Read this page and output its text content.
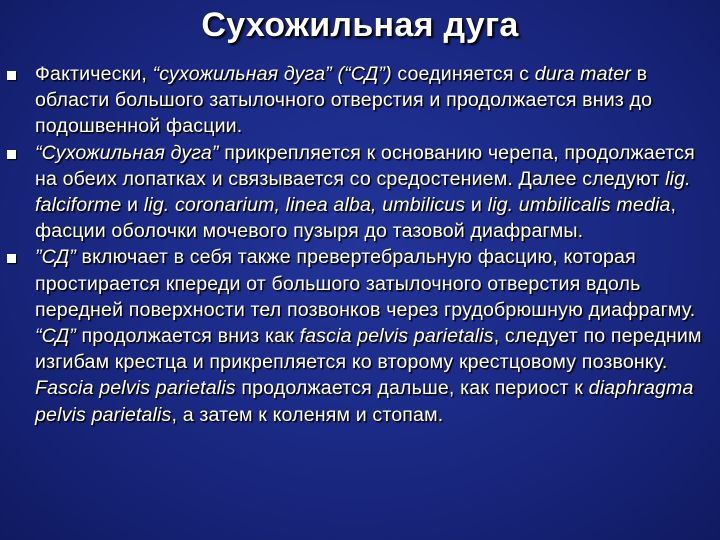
Сухожильная дуга
Фактически, “сухожильная дуга” (“СД”) соединяется с dura mater в области большого затылочного отверстия и продолжается вниз до подошвенной фасции.
“Сухожильная дуга” прикрепляется к основанию черепа, продолжается на обеих лопатках и связывается со средостением. Далее следуют lig. falciforme и lig. coronarium, linea alba, umbilicus и lig. umbilicalis media, фасции оболочки мочевого пузыря до тазовой диафрагмы.
”СД” включает в себя также превертебральную фасцию, которая простирается кпереди от большого затылочного отверстия вдоль передней поверхности тел позвонков через грудобрюшную диафрагму. “СД” продолжается вниз как fascia pelvis parietalis, следует по передним изгибам крестца и прикрепляется ко второму крестцовому позвонку. Fascia pelvis parietalis продолжается дальше, как периост к diaphragma pelvis parietalis, а затем к коленям и стопам.
